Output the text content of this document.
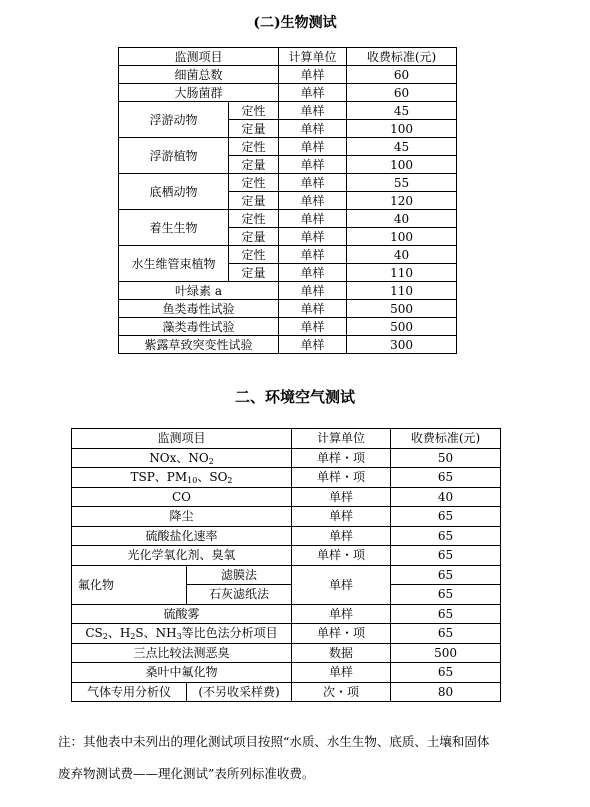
(二)生物测试
监测项目		计算单位	收费标准(元)
细菌总数		单样	60
大肠菌群		单样	60
浮游动物	定性	单样	45
	定量	单样	100
浮游植物	定性	单样	45
	定量	单样	100
底栖动物	定性	单样	55
	定量	单样	120
着生生物	定性	单样	40
	定量	单样	100
水生维管束植物	定性	单样	40
	定量	单样	110
叶绿素 a		单样	110
鱼类毒性试验		单样	500
藻类毒性试验		单样	500
紫露草致突变性试验		单样	300
二、环境空气测试
监测项目		计算单位	收费标准(元)
NOx、$NO_2$		单样・项	50
TSP、$PM_{10}$、$SO_2$		单样・项	65
CO		单样	40
降尘		单样	65
硫酸盐化速率		单样	65
光化学氧化剂、臭氧		单样・项	65
氟化物	滤膜法	单样	65
	石灰滤纸法		65
硫酸雾		单样	65
$CS_2$、$H_2S$、$NH_3$等比色法分析项目		单样・项	65
三点比较法测恶臭		数据	500
桑叶中氟化物		单样	65
气体专用分析仪	(不另收采样费)	次・项	80
注：其他表中未列出的理化测试项目按照“水质、水生生物、底质、土壤和固体
废弃物测试费——理化测试”表所列标准收费。
